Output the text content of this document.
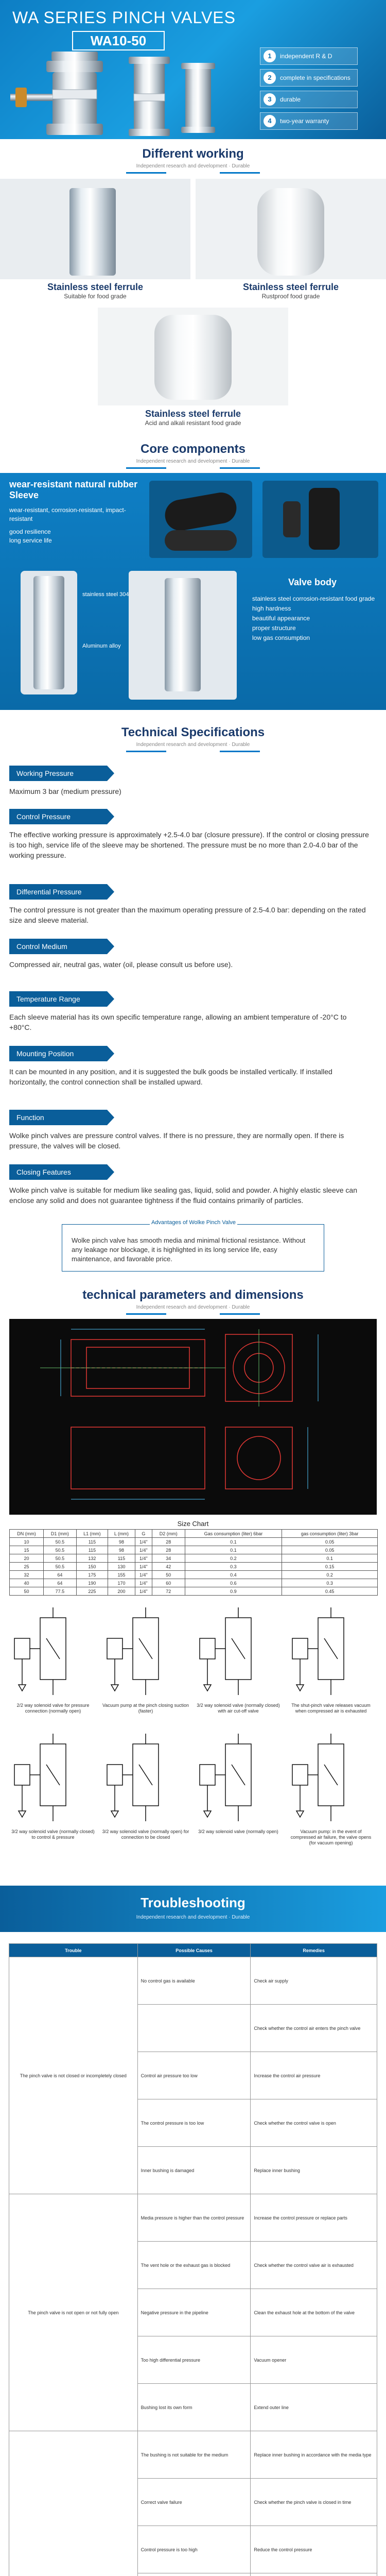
WA SERIES PINCH VALVES
WA10-50
1	independent R & D
2	complete in specifications
3	durable
4	two-year warranty
Different working
Independent research and development · Durable
Stainless steel ferrule
Suitable for food grade
Stainless steel ferrule
Rustproof food grade
Stainless steel ferrule
Acid and alkali resistant food grade
Core components
Independent research and development · Durable
wear-resistant natural rubber Sleeve
wear-resistant, corrosion-resistant, impact-resistant
good resilience
long service life
stainless steel 304
Aluminum alloy
Valve body
stainless steel corrosion-resistant food grade
high hardness
beautiful appearance
proper structure
low gas consumption
Technical Specifications
Independent research and development · Durable
Working Pressure
Maximum 3 bar (medium pressure)
Control Pressure
The effective working pressure is approximately +2.5-4.0 bar (closure pressure). If the control or closing pressure is too high, service life of the sleeve may be shortened. The pressure must be no more than 2.0-4.0 bar of the working pressure.
Differential Pressure
The control pressure is not greater than the maximum operating pressure of 2.5-4.0 bar: depending on the rated size and sleeve material.
Control Medium
Compressed air, neutral gas, water (oil, please consult us before use).
Temperature Range
Each sleeve material has its own specific temperature range, allowing an ambient temperature of -20°C to +80°C.
Mounting Position
It can be mounted in any position, and it is suggested the bulk goods be installed vertically. If installed horizontally, the control connection shall be installed upward.
Function
Wolke pinch valves are pressure control valves. If there is no pressure, they are normally open. If there is pressure, the valves will be closed.
Closing Features
Wolke pinch valve is suitable for medium like sealing gas, liquid, solid and powder. A highly elastic sleeve can enclose any solid and does not guarantee tightness if the fluid contains primarily of particles.
Advantages of Wolke Pinch Valve
Wolke pinch valve has smooth media and minimal frictional resistance. Without any leakage nor blockage, it is highlighted in its long service life, easy maintenance, and favorable price.
technical parameters and dimensions
Independent research and development · Durable
Size Chart
DN (mm)	D1 (mm)	L1 (mm)	L (mm)	G	D2 (mm)	Gas consumption (liter) 6bar	gas consumption (liter) 3bar
10	50.5	115	98	1/4"	28	0.1	0.05
15	50.5	115	98	1/4"	28	0.1	0.05
20	50.5	132	115	1/4"	34	0.2	0.1
25	50.5	150	130	1/4"	42	0.3	0.15
32	64	175	155	1/4"	50	0.4	0.2
40	64	190	170	1/4"	60	0.6	0.3
50	77.5	225	200	1/4"	72	0.9	0.45
2/2 way solenoid valve for pressure connection (normally open)
Vacuum pump at the pinch closing suction (faster)
3/2 way solenoid valve (normally closed) with air cut-off valve
The shut-pinch valve releases vacuum when compressed air is exhausted
3/2 way solenoid valve (normally closed) to control & pressure
3/2 way solenoid valve (normally open) for connection to be closed
3/2 way solenoid valve (normally open)	Vacuum pump: in the event of compressed air failure, the valve opens (for vacuum opening)
Troubleshooting
Independent research and development · Durable
Trouble	Possible Causes	Remedies
The pinch valve is not closed or incompletely closed	No control gas is available	Check air supply
		Check whether the control air enters the pinch valve
	Control air pressure too low	Increase the control air pressure
	The control pressure is too low	Check whether the control valve is open
	Inner bushing is damaged	Replace inner bushing
The pinch valve is not open or not fully open	Media pressure is higher than the control pressure	Increase the control pressure or replace parts
	The vent hole or the exhaust gas is blocked	Check whether the control valve air is exhausted
	Negative pressure in the pipeline	Clean the exhaust hole at the bottom of the valve
	Too high differential pressure	Vacuum opener
	Bushing lost its own form	Extend outer line
	The bushing is not suitable for the medium	Replace inner bushing in accordance with the media type
	Correct valve failure	Check whether the pinch valve is closed in time
	Control pressure is too high	Reduce the control pressure
